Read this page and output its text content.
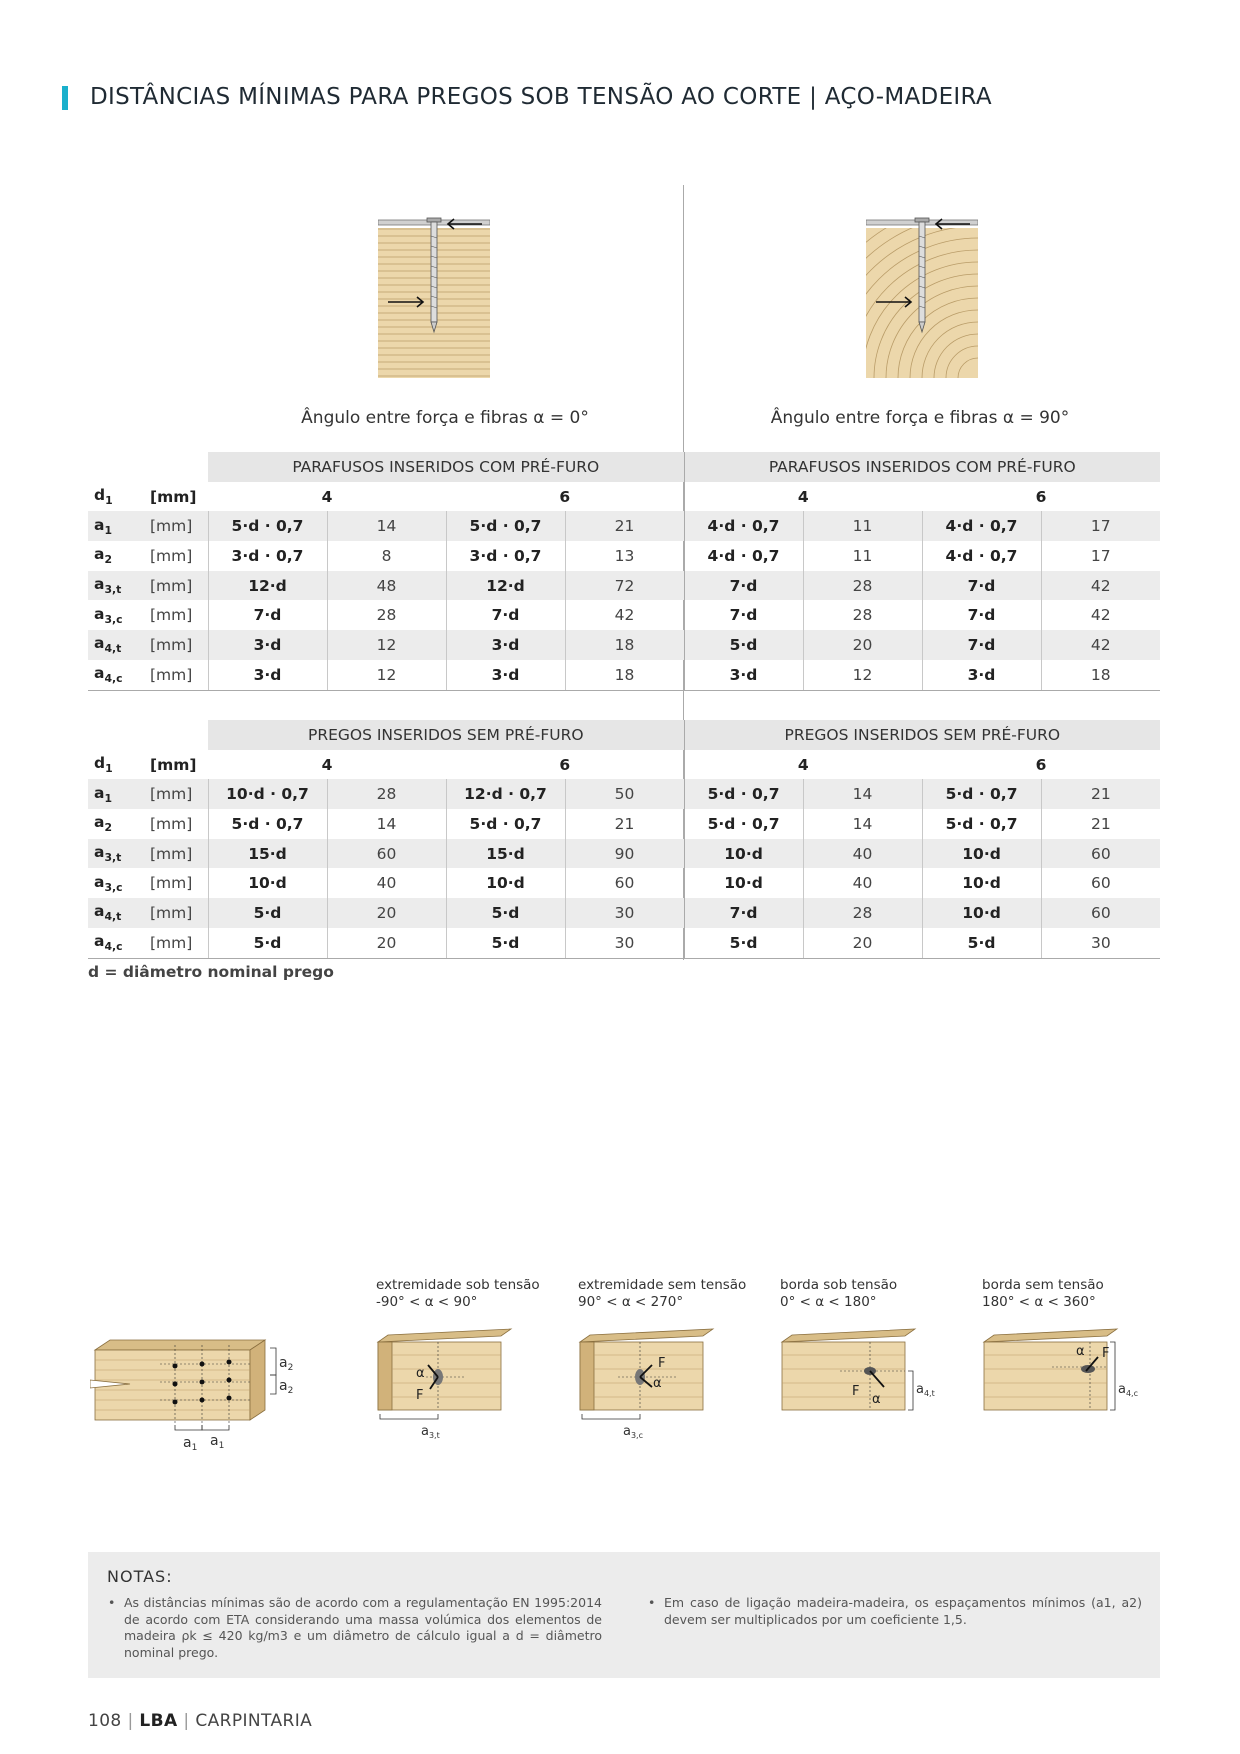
DISTÂNCIAS MÍNIMAS PARA PREGOS SOB TENSÃO AO CORTE | AÇO-MADEIRA
Ângulo entre força e fibras α = 0°	Ângulo entre força e fibras α = 90°
		PARAFUSOS INSERIDOS COM PRÉ-FURO				PARAFUSOS INSERIDOS COM PRÉ-FURO			
$d_1$	[mm]	4		6		4		6	
$a_1$	[mm]	5·d · 0,7	14	5·d · 0,7	21	4·d · 0,7	11	4·d · 0,7	17
$a_2$	[mm]	3·d · 0,7	8	3·d · 0,7	13	4·d · 0,7	11	4·d · 0,7	17
$a_{3,t}$	[mm]	12·d	48	12·d	72	7·d	28	7·d	42
$a_{3,c}$	[mm]	7·d	28	7·d	42	7·d	28	7·d	42
$a_{4,t}$	[mm]	3·d	12	3·d	18	5·d	20	7·d	42
$a_{4,c}$	[mm]	3·d	12	3·d	18	3·d	12	3·d	18
		PREGOS INSERIDOS SEM PRÉ-FURO				PREGOS INSERIDOS SEM PRÉ-FURO			
$d_1$	[mm]	4		6		4		6	
$a_1$	[mm]	10·d · 0,7	28	12·d · 0,7	50	5·d · 0,7	14	5·d · 0,7	21
$a_2$	[mm]	5·d · 0,7	14	5·d · 0,7	21	5·d · 0,7	14	5·d · 0,7	21
$a_{3,t}$	[mm]	15·d	60	15·d	90	10·d	40	10·d	60
$a_{3,c}$	[mm]	10·d	40	10·d	60	10·d	40	10·d	60
$a_{4,t}$	[mm]	5·d	20	5·d	30	7·d	28	10·d	60
$a_{4,c}$	[mm]	5·d	20	5·d	30	5·d	20	5·d	30
d = diâmetro nominal prego
extremidade sob tensão
-90° < α < 90°
extremidade sem tensão
90° < α < 270°
borda sob tensão
0° < α < 180°
borda sem tensão
180° < α < 360°
$a_2$
$a_2$
$a_1$ $a_1$
α
F
$a_{3,t}$
F
α
$a_{3,c}$
F
α
$a_{4,t}$
F
α
$a_{4,c}$
NOTAS:
• As distâncias mínimas são de acordo com a regulamentação EN 1995:2014 de acordo com ETA considerando uma massa volúmica dos elementos de madeira ρk ≤ 420 kg/m3 e um diâmetro de cálculo igual a d = diâmetro nominal prego.
• Em caso de ligação madeira-madeira, os espaçamentos mínimos (a1, a2) devem ser multiplicados por um coeficiente 1,5.
108 | LBA | CARPINTARIA
